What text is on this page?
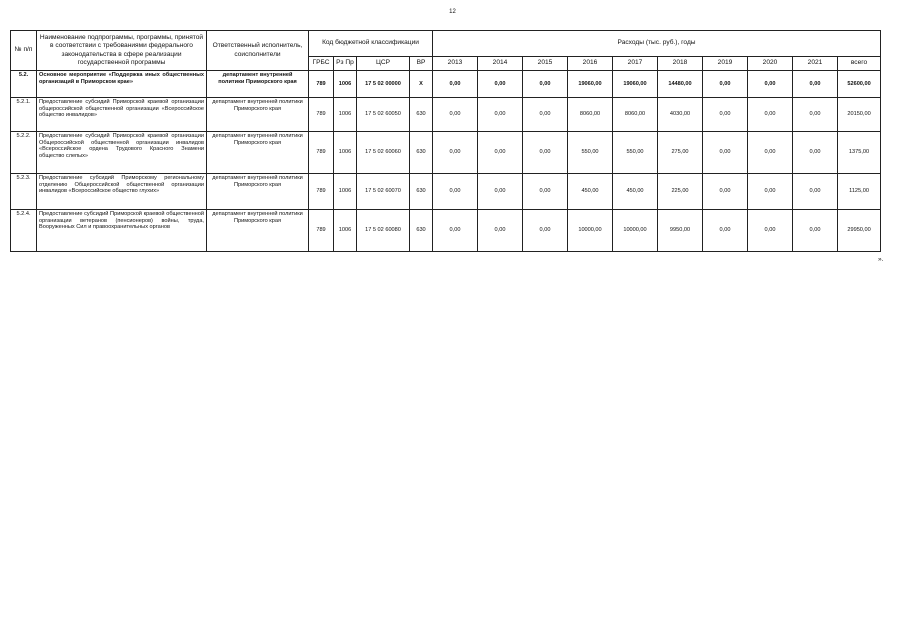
12
№ п/п	Наименование подпрограммы, программы, принятой в соответствии с требованиями федерального законодательства в сфере реализации государственной программы	Ответственный исполнитель, соисполнители	Код бюджетной классификации				Расходы (тыс. руб.), годы									
			ГРБС	Рз Пр	ЦСР	ВР	2013	2014	2015	2016	2017	2018	2019	2020	2021	всего
5.2.	Основное мероприятие «Поддержка иных общественных организаций в Приморском крае»	департамент внутренней политики Приморского края	789	1006	17 5 02 00000	Х	0,00	0,00	0,00	19060,00	19060,00	14480,00	0,00	0,00	0,00	52600,00
5.2.1.	Предоставление субсидий Приморской краевой организации общероссийской общественной организации «Всероссийское общество инвалидов»	департамент внутренней политики Приморского края	789	1006	17 5 02 60050	630	0,00	0,00	0,00	8060,00	8060,00	4030,00	0,00	0,00	0,00	20150,00
5.2.2.	Предоставление субсидий Приморской краевой организации Общероссийской общественной организации инвалидов «Всероссийское ордена Трудового Красного Знамени общество слепых»	департамент внутренней политики Приморского края	789	1006	17 5 02 60060	630	0,00	0,00	0,00	550,00	550,00	275,00	0,00	0,00	0,00	1375,00
5.2.3.	Предоставление субсидий Приморскому региональному отделению Общероссийской общественной организации инвалидов «Всероссийское общество глухих»	департамент внутренней политики Приморского края	789	1006	17 5 02 60070	630	0,00	0,00	0,00	450,00	450,00	225,00	0,00	0,00	0,00	1125,00
5.2.4.	Предоставление субсидий Приморской краевой общественной организации ветеранов (пенсионеров) войны, труда, Вооруженных Сил и правоохранительных органов	департамент внутренней политики Приморского края	789	1006	17 5 02 60080	630	0,00	0,00	0,00	10000,00	10000,00	9950,00	0,00	0,00	0,00	29950,00
».
